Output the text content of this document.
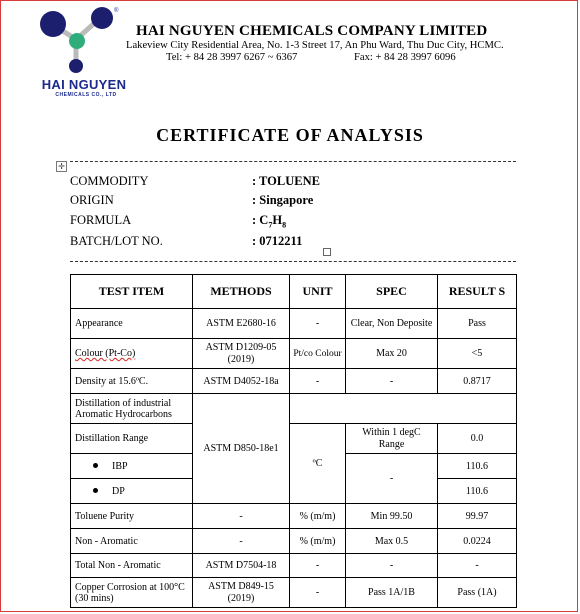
®
HAI NGUYEN
CHEMICALS CO., LTD
HAI NGUYEN CHEMICALS COMPANY LIMITED
Lakeview City Residential Area, No. 1-3 Street 17, An Phu Ward, Thu Duc City, HCMC.
Tel: + 84 28 3997 6267 ~ 6367	Fax: + 84 28 3997 6096
CERTIFICATE OF ANALYSIS
✛
COMMODITY	: TOLUENE
ORIGIN	: Singapore
FORMULA	: $C_7H_8$
BATCH/LOT NO.	: 0712211
TEST ITEM	METHODS	UNIT	SPEC	RESULT S
Appearance	ASTM E2680-16	-	Clear, Non Deposite	Pass
Colour (Pt-Co)	ASTM D1209-05 (2019)	Pt/co Colour	Max 20	<5
Density at 15.6ºC.	ASTM D4052-18a	-	-	0.8717
Distillation of industrial Aromatic Hydrocarbons	ASTM D850-18e1			
Distillation Range		ºC	Within 1 degC Range	0.0
IBP			-	110.6
DP				110.6
Toluene Purity	-	% (m/m)	Min 99.50	99.97
Non - Aromatic	-	% (m/m)	Max 0.5	0.0224
Total Non - Aromatic	ASTM D7504-18	-	-	-
Copper Corrosion at 100°C (30 mins)	ASTM D849-15 (2019)	-	Pass 1A/1B	Pass (1A)
